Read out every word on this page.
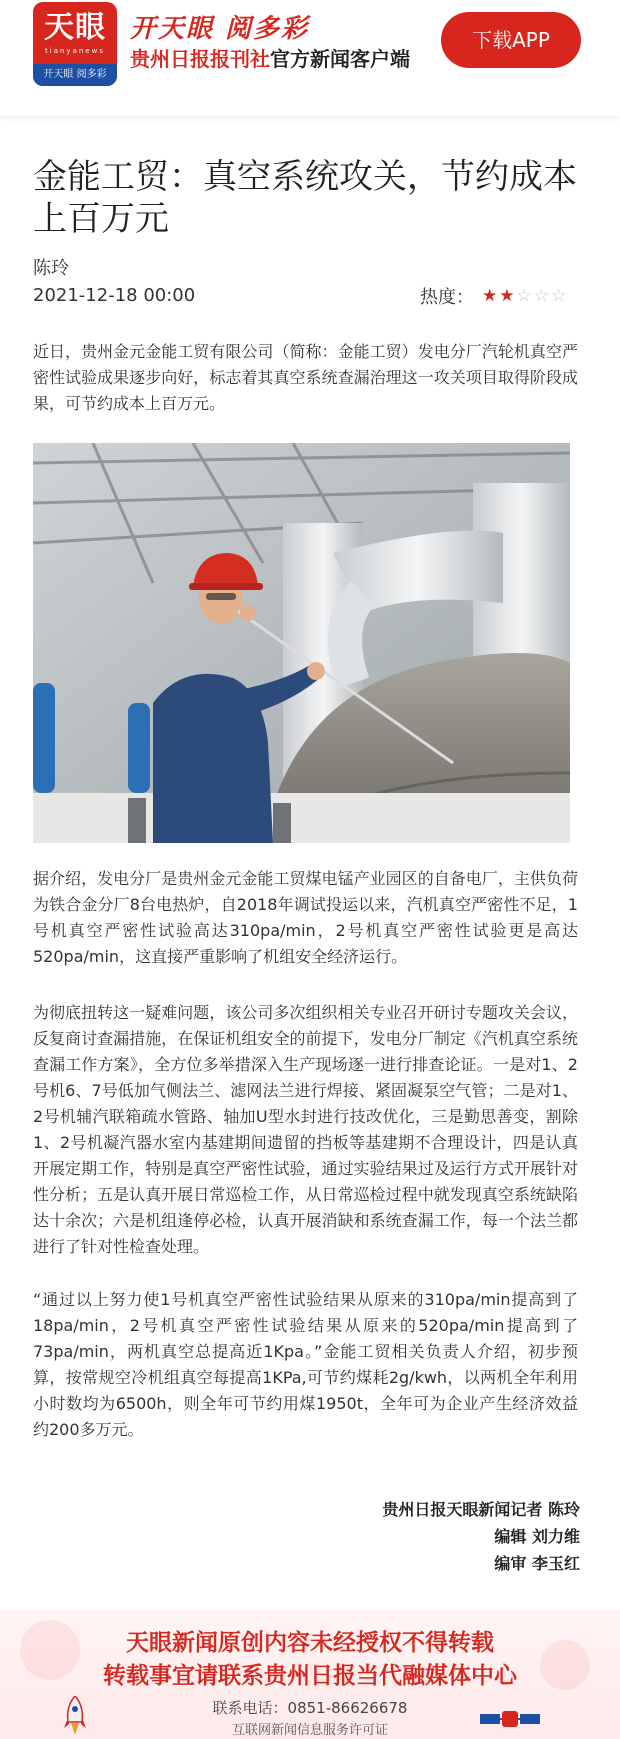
天眼
tianyanews
开天眼 阅多彩
开天眼 阅多彩
贵州日报报刊社官方新闻客户端
下载APP
金能工贸：真空系统攻关，节约成本上百万元
陈玲
2021-12-18 00:00	热度： ★ ★ ☆ ☆ ☆

近日，贵州金元金能工贸有限公司（简称：金能工贸）发电分厂汽轮机真空严密性试验成果逐步向好，标志着其真空系统查漏治理这一攻关项目取得阶段成果，可节约成本上百万元。

据介绍，发电分厂是贵州金元金能工贸煤电锰产业园区的自备电厂，主供负荷为铁合金分厂8台电热炉，自2018年调试投运以来，汽机真空严密性不足，1号机真空严密性试验高达310pa/min，2号机真空严密性试验更是高达520pa/min，这直接严重影响了机组安全经济运行。

为彻底扭转这一疑难问题，该公司多次组织相关专业召开研讨专题攻关会议，反复商讨查漏措施，在保证机组安全的前提下，发电分厂制定《汽机真空系统查漏工作方案》，全方位多举措深入生产现场逐一进行排查论证。一是对1、2号机6、7号低加气侧法兰、滤网法兰进行焊接、紧固凝泵空气管；二是对1、2号机辅汽联箱疏水管路、轴加U型水封进行技改优化，三是勤思善变，割除1、2号机凝汽器水室内基建期间遗留的挡板等基建期不合理设计，四是认真开展定期工作，特别是真空严密性试验，通过实验结果过及运行方式开展针对性分析；五是认真开展日常巡检工作，从日常巡检过程中就发现真空系统缺陷达十余次；六是机组逢停必检，认真开展消缺和系统查漏工作，每一个法兰都进行了针对性检查处理。

“通过以上努力使1号机真空严密性试验结果从原来的310pa/min提高到了18pa/min，2号机真空严密性试验结果从原来的520pa/min提高到了73pa/min，两机真空总提高近1Kpa。”金能工贸相关负责人介绍，初步预算，按常规空冷机组真空每提高1KPa,可节约煤耗2g/kwh，以两机全年利用小时数均为6500h，则全年可节约用煤1950t，全年可为企业产生经济效益约200多万元。

贵州日报天眼新闻记者 陈玲
编辑 刘力维
编审 李玉红
天眼新闻原创内容未经授权不得转载
转载事宜请联系贵州日报当代融媒体中心
联系电话：0851-86626678
互联网新闻信息服务许可证
